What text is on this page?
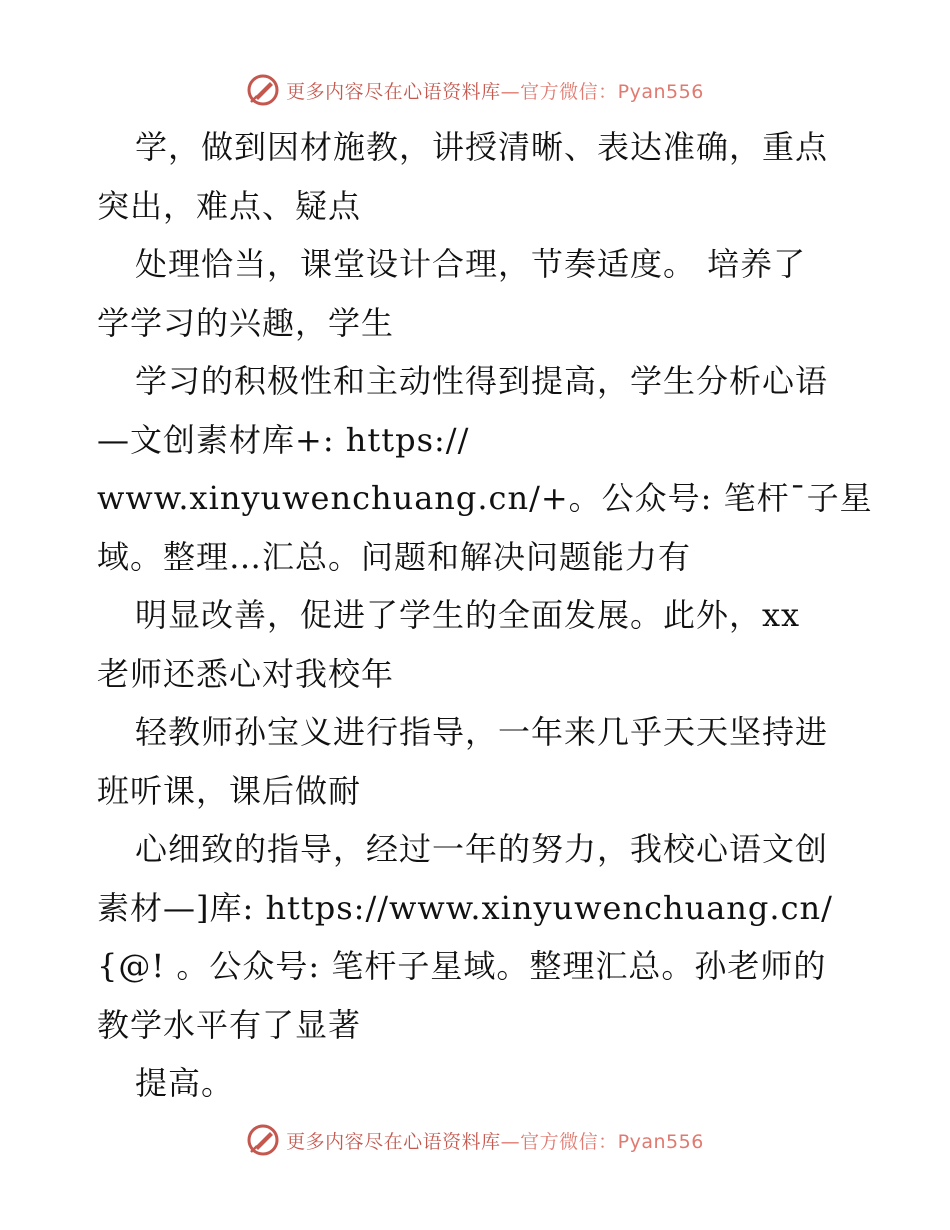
更多内容尽在心语资料库—官方微信：Pyan556
学，做到因材施教，讲授清晰、表达准确，重点
突出，难点、疑点
处理恰当，课堂设计合理，节奏适度。 培养了
学学习的兴趣，学生
学习的积极性和主动性得到提高，学生分析心语
—文创素材库+: https://
www.xinyuwenchuang.cn/+。公众号: 笔杆¯子星
域。整理…汇总。问题和解决问题能力有
明显改善，促进了学生的全面发展。此外，xx
老师还悉心对我校年
轻教师孙宝义进行指导，一年来几乎天天坚持进
班听课，课后做耐
心细致的指导，经过一年的努力，我校心语文创
素材—]库: https://www.xinyuwenchuang.cn/
{@! 。公众号: 笔杆子星域。整理汇总。孙老师的
教学水平有了显著
提高。
更多内容尽在心语资料库—官方微信：Pyan556
